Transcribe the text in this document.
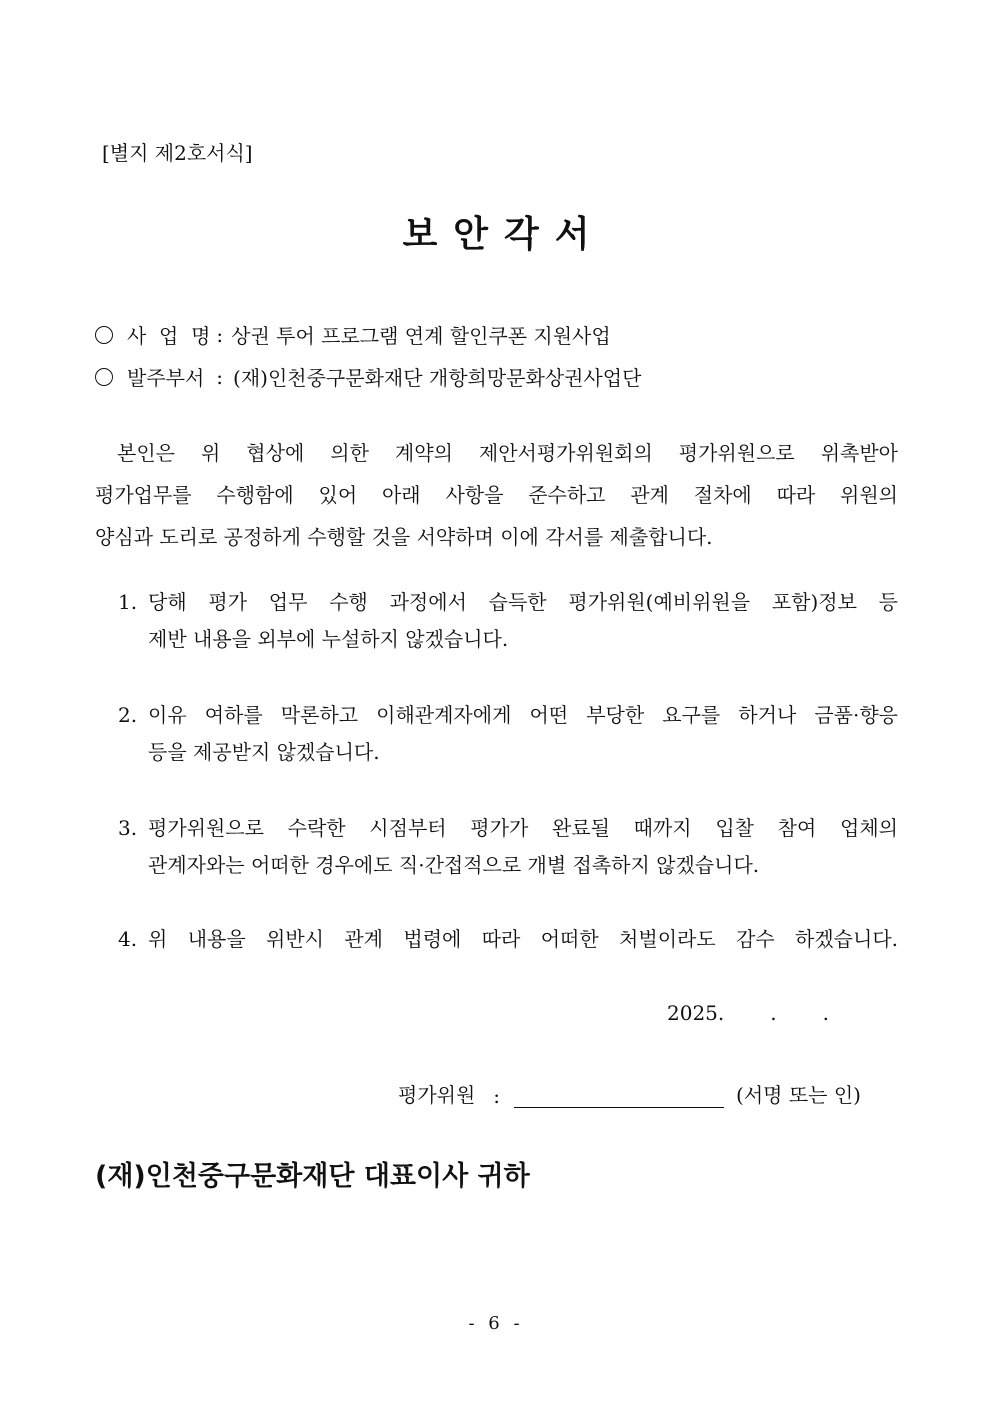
[별지 제2호서식]
보안각서
사  업  명 : 상권 투어 프로그램 연계 할인쿠폰 지원사업
발주부서 : (재)인천중구문화재단 개항희망문화상권사업단
본인은 위 협상에 의한 계약의 제안서평가위원회의 평가위원으로 위촉받아
평가업무를 수행함에 있어 아래 사항을 준수하고 관계 절차에 따라 위원의
양심과 도리로 공정하게 수행할 것을 서약하며 이에 각서를 제출합니다.
1. 당해 평가 업무 수행 과정에서 습득한 평가위원(예비위원을 포함)정보 등
제반 내용을 외부에 누설하지 않겠습니다.
2. 이유 여하를 막론하고 이해관계자에게 어떤 부당한 요구를 하거나 금품·향응
등을 제공받지 않겠습니다.
3. 평가위원으로 수락한 시점부터 평가가 완료될 때까지 입찰 참여 업체의
관계자와는 어떠한 경우에도 직·간접적으로 개별 접촉하지 않겠습니다.
4. 위 내용을 위반시 관계 법령에 따라 어떠한 처벌이라도 감수 하겠습니다.
2025. . .
평가위원 :	(서명 또는 인)
(재)인천중구문화재단 대표이사 귀하
- 6 -
